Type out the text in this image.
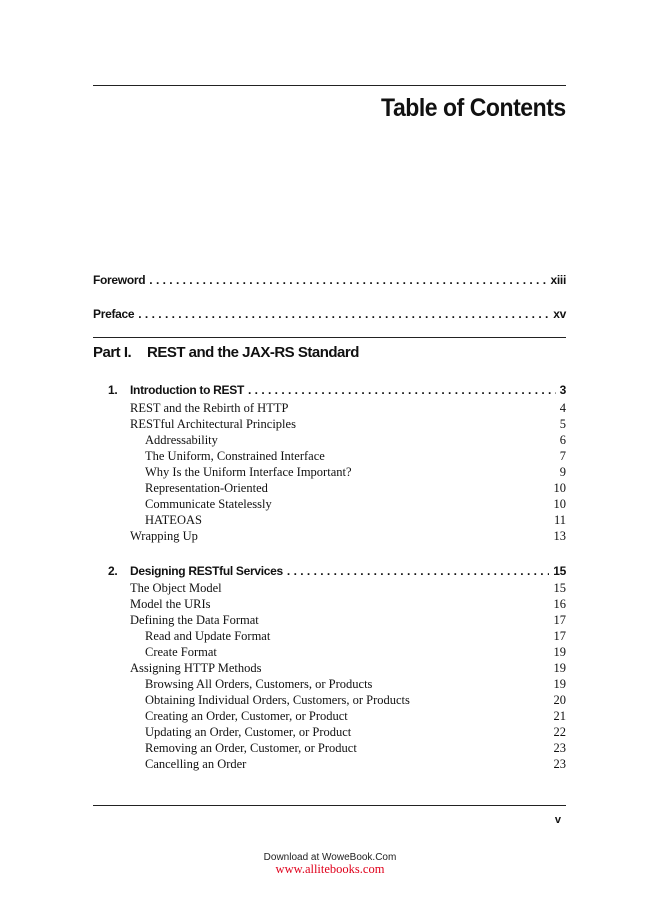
Table of Contents
Foreword . . .	xiii
Preface . . .	xv
Part I. REST and the JAX-RS Standard
1.	Introduction to REST . . .	3
REST and the Rebirth of HTTP	4
RESTful Architectural Principles	5
Addressability	6
The Uniform, Constrained Interface	7
Why Is the Uniform Interface Important?	9
Representation-Oriented	10
Communicate Statelessly	10
HATEOAS	11
Wrapping Up	13
2.	Designing RESTful Services . . .	15
The Object Model	15
Model the URIs	16
Defining the Data Format	17
Read and Update Format	17
Create Format	19
Assigning HTTP Methods	19
Browsing All Orders, Customers, or Products	19
Obtaining Individual Orders, Customers, or Products	20
Creating an Order, Customer, or Product	21
Updating an Order, Customer, or Product	22
Removing an Order, Customer, or Product	23
Cancelling an Order	23
v
Download at WoweBook.Com
www.allitebooks.com
